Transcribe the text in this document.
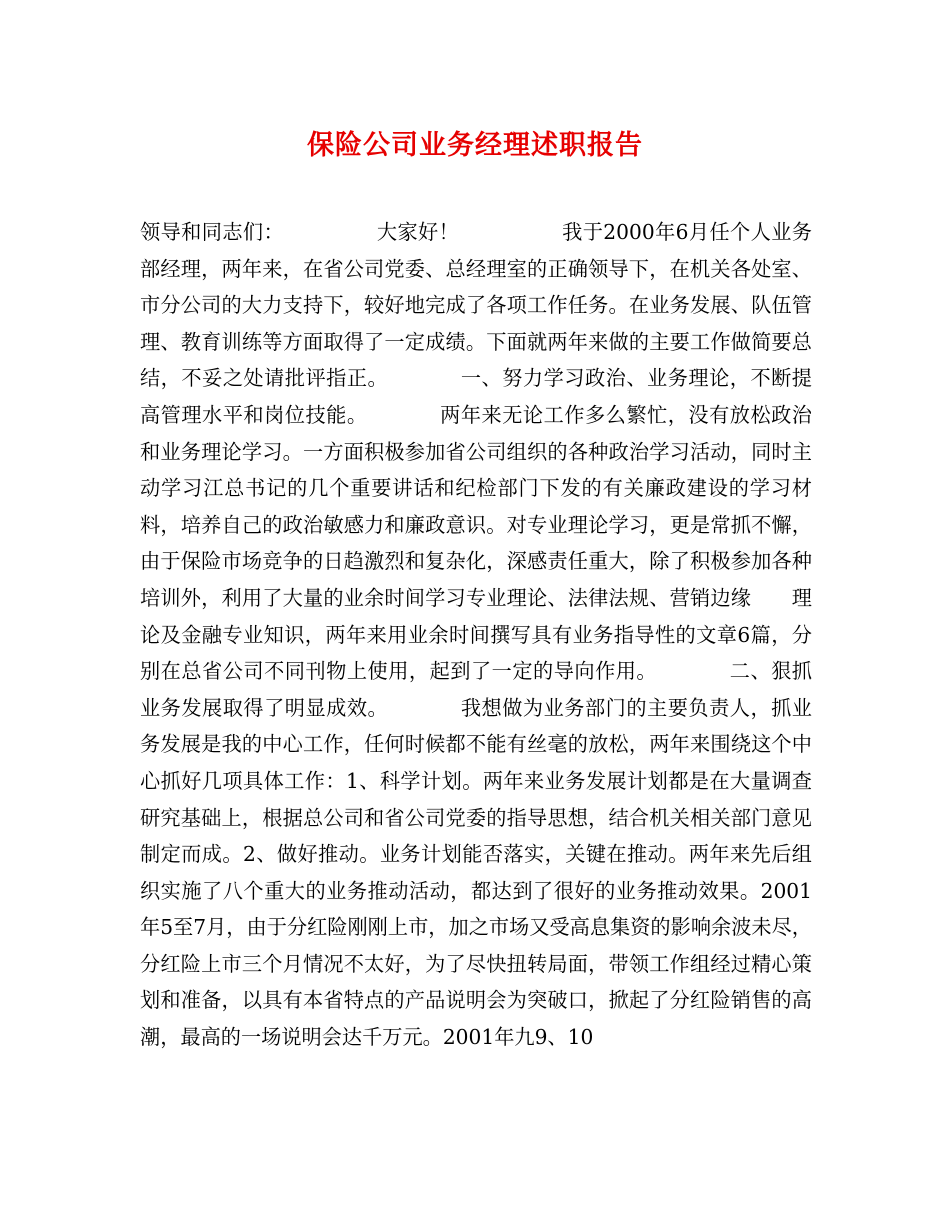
保险公司业务经理述职报告

领导和同志们：　　　　　大家好！　　　　　我于2000年6月任个人业务部经理，两年来，在省公司党委、总经理室的正确领导下，在机关各处室、市分公司的大力支持下，较好地完成了各项工作任务。在业务发展、队伍管理、教育训练等方面取得了一定成绩。下面就两年来做的主要工作做简要总结，不妥之处请批评指正。　　　　一、努力学习政治、业务理论，不断提高管理水平和岗位技能。　　　　两年来无论工作多么繁忙，没有放松政治和业务理论学习。一方面积极参加省公司组织的各种政治学习活动，同时主动学习江总书记的几个重要讲话和纪检部门下发的有关廉政建设的学习材料，培养自己的政治敏感力和廉政意识。对专业理论学习，更是常抓不懈，由于保险市场竞争的日趋激烈和复杂化，深感责任重大，除了积极参加各种培训外，利用了大量的业余时间学习专业理论、法律法规、营销边缘　　理论及金融专业知识，两年来用业余时间撰写具有业务指导性的文章6篇，分别在总省公司不同刊物上使用，起到了一定的导向作用。　　　　二、狠抓业务发展取得了明显成效。　　　　我想做为业务部门的主要负责人，抓业务发展是我的中心工作，任何时候都不能有丝毫的放松，两年来围绕这个中心抓好几项具体工作：1、科学计划。两年来业务发展计划都是在大量调查研究基础上，根据总公司和省公司党委的指导思想，结合机关相关部门意见制定而成。2、做好推动。业务计划能否落实，关键在推动。两年来先后组织实施了八个重大的业务推动活动，都达到了很好的业务推动效果。2001年5至7月，由于分红险刚刚上市，加之市场又受高息集资的影响余波未尽，分红险上市三个月情况不太好，为了尽快扭转局面，带领工作组经过精心策划和准备，以具有本省特点的产品说明会为突破口，掀起了分红险销售的高潮，最高的一场说明会达千万元。2001年九9、10
